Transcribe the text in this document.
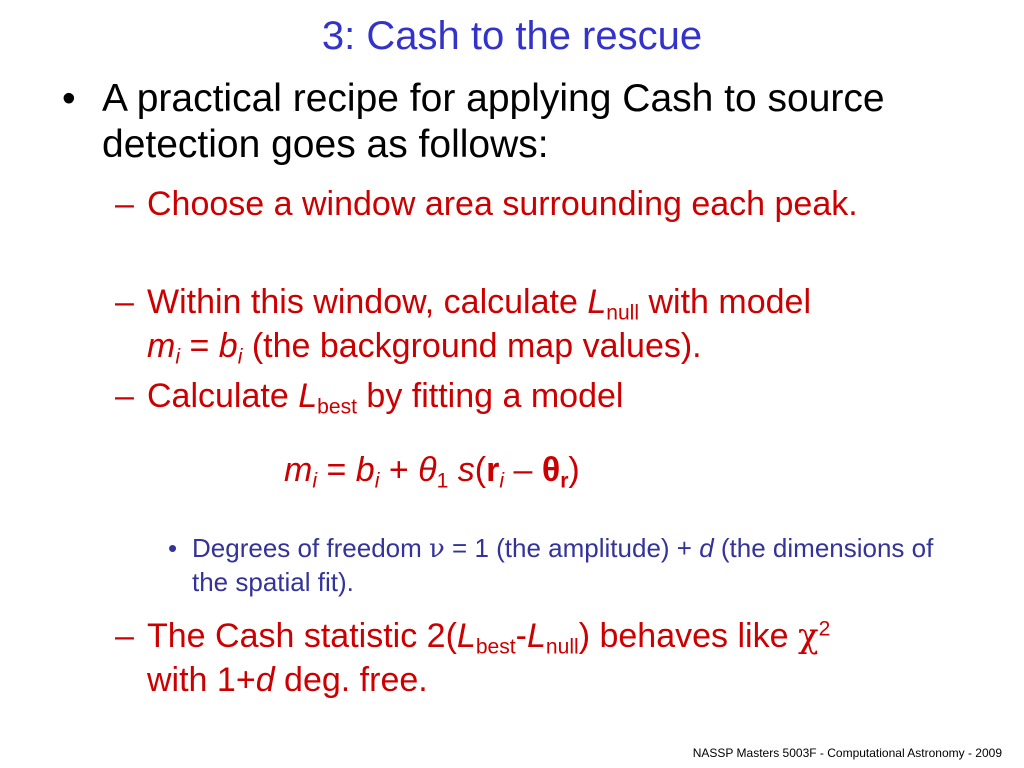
3: Cash to the rescue
• A practical recipe for applying Cash to source detection goes as follows:
– Choose a window area surrounding each peak.
– Within this window, calculate $L_{null}$ with model
$m_i = b_i$ (the background map values).
– Calculate $L_{best}$ by fitting a model
$m_i = b_i + \theta_1$ $s(r_i - \theta_r)$
• Degrees of freedom ν = 1 (the amplitude) + d (the dimensions of the spatial fit).
– The Cash statistic $2(L_{best}-L_{null})$ behaves like $\chi^2$
with 1+d deg. free.
NASSP Masters 5003F - Computational Astronomy - 2009
